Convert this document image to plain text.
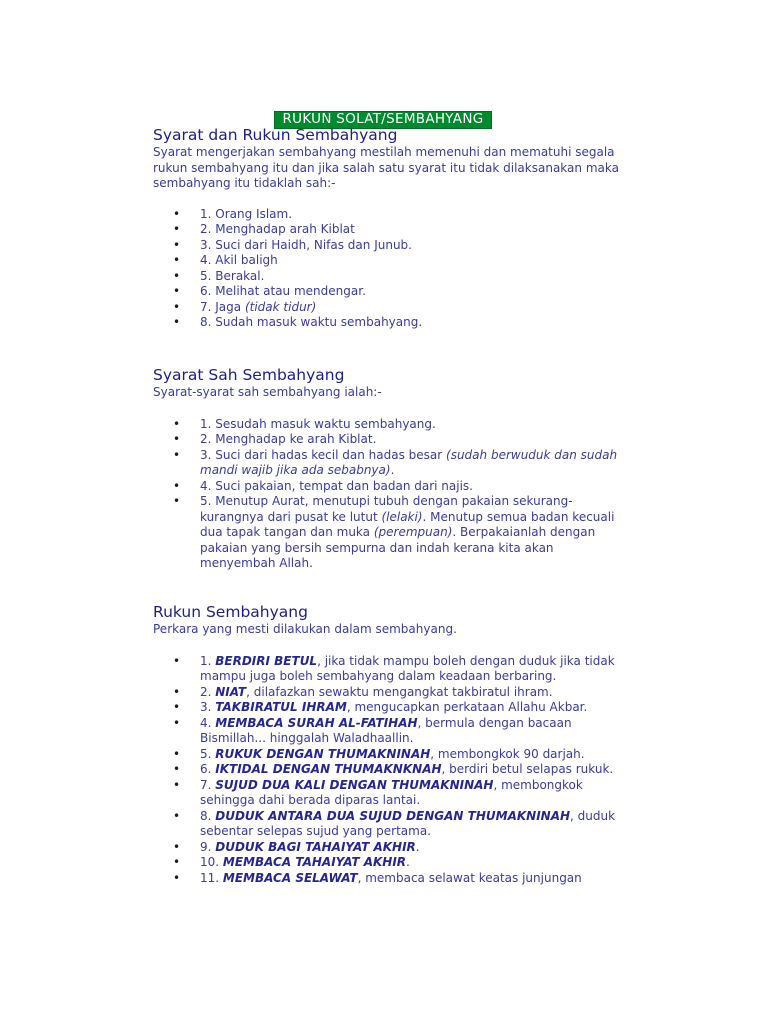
RUKUN SOLAT/SEMBAHYANG
Syarat dan Rukun Sembahyang

Syarat mengerjakan sembahyang mestilah memenuhi dan mematuhi segala rukun sembahyang itu dan jika salah satu syarat itu tidak dilaksanakan maka sembahyang itu tidaklah sah:-

• 1. Orang Islam.
• 2. Menghadap arah Kiblat
• 3. Suci dari Haidh, Nifas dan Junub.
• 4. Akil baligh
• 5. Berakal.
• 6. Melihat atau mendengar.
• 7. Jaga (tidak tidur)
• 8. Sudah masuk waktu sembahyang.
Syarat Sah Sembahyang

Syarat-syarat sah sembahyang ialah:-

• 1. Sesudah masuk waktu sembahyang.
• 2. Menghadap ke arah Kiblat.
• 3. Suci dari hadas kecil dan hadas besar (sudah berwuduk dan sudah mandi wajib jika ada sebabnya).
• 4. Suci pakaian, tempat dan badan dari najis.
• 5. Menutup Aurat, menutupi tubuh dengan pakaian sekurang-kurangnya dari pusat ke lutut (lelaki). Menutup semua badan kecuali dua tapak tangan dan muka (perempuan). Berpakaianlah dengan pakaian yang bersih sempurna dan indah kerana kita akan menyembah Allah.
Rukun Sembahyang

Perkara yang mesti dilakukan dalam sembahyang.

• 1. BERDIRI BETUL, jika tidak mampu boleh dengan duduk jika tidak mampu juga boleh sembahyang dalam keadaan berbaring.
• 2. NIAT, dilafazkan sewaktu mengangkat takbiratul ihram.
• 3. TAKBIRATUL IHRAM, mengucapkan perkataan Allahu Akbar.
• 4. MEMBACA SURAH AL-FATIHAH, bermula dengan bacaan Bismillah... hinggalah Waladhaallin.
• 5. RUKUK DENGAN THUMAKNINAH, membongkok 90 darjah.
• 6. IKTIDAL DENGAN THUMAKNKNAH, berdiri betul selapas rukuk.
• 7. SUJUD DUA KALI DENGAN THUMAKNINAH, membongkok sehingga dahi berada diparas lantai.
• 8. DUDUK ANTARA DUA SUJUD DENGAN THUMAKNINAH, duduk sebentar selepas sujud yang pertama.
• 9. DUDUK BAGI TAHAIYAT AKHIR.
• 10. MEMBACA TAHAIYAT AKHIR.
• 11. MEMBACA SELAWAT, membaca selawat keatas junjungan
